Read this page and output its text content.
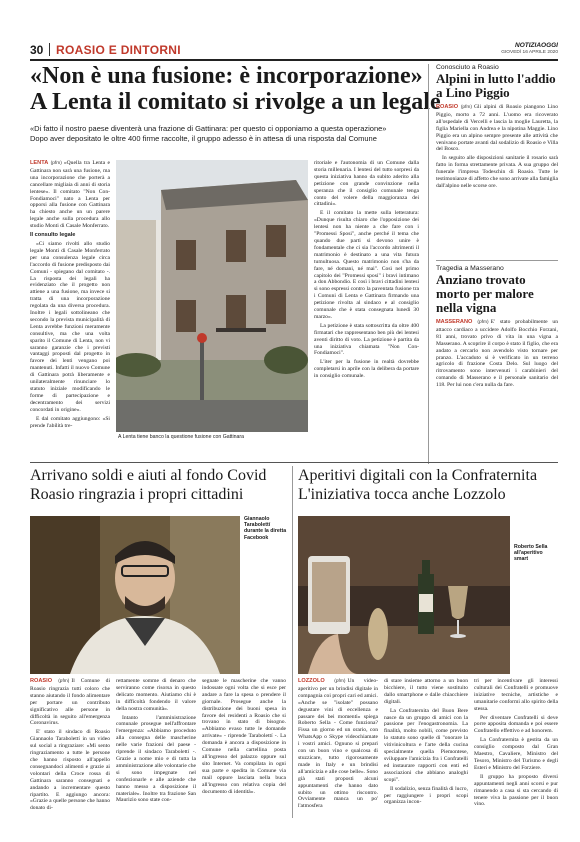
30 ROASIO E DINTORNI	NOTIZIAOGGI
GIOVEDÌ 16 APRILE 2020
«Non è una fusione: è incorporazione»
A Lenta il comitato si rivolge a un legale
«Di fatto il nostro paese diventerà una frazione di Gattinara: per questo ci opponiamo a questa operazione»
Dopo aver depositato le oltre 400 firme raccolte, il gruppo adesso è in attesa di una risposta dal Comune

LENTA (pfm) «Quella tra Lenta e Gattinara non sarà una fusione, ma una incorporazione che porterà a cancellare migliaia di anni di storia lentese». Il comitato "Non Con-Fondiamoci" nato a Lenta per opporsi alla fusione con Gattinara ha chiesto anche un un parere legale anche sulla procedura allo studio Monti di Casale Monferrato.

Il consulto legale

«Ci siamo rivolti allo studio legale Monti di Casale Monferrato per una consulenza legale circa l'accordo di fusione predisposto dai Comuni - spiegano dal comitato -. La risposta dei legali ha evidenziato che il progetto non attiene a una fusione, ma invece si tratta di una incorporazione regolata da una diversa procedura. Inoltre i legali sottolineano che secondo la prevista municipalità di Lenta avrebbe funzioni meramente consultive, ma che una volta sparito il Comune di Lenta, non vi saranno garanzie che i previsti vantaggi proposti dal progetto in favore dei lenti vengano poi mantenuti. Infatti il nuovo Comune di Gattinara potrà liberamente e unilateralmente rinunciare lo statuto iniziale modificando le forme di partecipazione e decentramento dei servizi concordati in origine».

E dal comitato aggiungono: «Si prende l'abilità tre-

A Lenta tiene banco la questione fusione con Gattinara

ritoriale e l'autonomia di un Comune dalla storia millenaria. I lentesi del tutto sorpresi da questa iniziativa hanno da subito aderito alla petizione con grande convinzione nella speranza che il consiglio comunale tenga conto del volere della maggioranza dei cittadini».

E il comitato la mette sulla letteratura: «Dunque risulta chiaro che l'opposizione dei lentesi non ha niente a che fare con i "Promessi Sposi", anche perché il tema che quando due parti si devono unire è fondamentale che ci sia l'accordo altrimenti il matrimonio è destinato a una vita futura tumultuosa. Questo matrimonio non s'ha da fare, né domani, né mai". Così nel primo capitolo dei "Promessi sposi" i bravi intimano a don Abbondio. E così i bravi cittadini lentesi si sono espressi contro la paventata fusione tra i Comuni di Lenta e Gattinara firmando una petizione rivolta al sindaco e al consiglio comunale che è stata consegnata lunedì 30 marzo».

La petizione è stata sottoscritta da oltre 400 firmatari che rappresentano ben più dei lentesi aventi diritto di voto. La petizione è partita da una iniziativa chiamata "Non Con-Fondiamoci".

L'iter per la fusione in realtà dovrebbe completarsi in aprile con la delibera da portare in consiglio comunale.

Conosciuto a Roasio
Alpini in lutto l'addio a Lino Piggio

ROASIO (pfm) Gli alpini di Roasio piangono Lino Piggio, morto a 72 anni. L'uomo era ricoverato all'ospedale di Vercelli e lascia la moglie Lauretta, la figlia Mariella con Andrea e la nipotina Maggie. Lino Piggio era un alpino sempre presente alle attività che venivano portate avanti dal sodalizio di Roasio e Villa del Bosco.

In seguito alle disposizioni sanitarie il rosario sarà fatto in forma strettamente privata. A sua gruppo del funerale l'impresa Todeschin di Roasio. Tutte le testimonianze di affetto che sono arrivate alla famiglia dall'alpino nelle scorse ore.

Tragedia a Masserano
Anziano trovato morto per malore nella vigna

MASSERANO (pfm) E' stato probabilmente un attacco cardiaco a uccidere Adolfo Bocchio Forzani, 81 anni, trovato privo di vita in una vigna a Masserano. A scoprire il corpo è stato il figlio, che era andato a cercarlo non avendolo visto tornare per pranzo. L'accaduto si è verificato in un terreno agricolo di frazione Costa Delo. Sul luogo del ritrovamento sono intervenuti i carabinieri del comando di Masserano e il personale sanitario del 118. Per lui non c'era nulla da fare.

Arrivano soldi e aiuti al fondo Covid
Roasio ringrazia i propri cittadini
Giannaolo Tarabolettí durante la diretta Facebook

ROASIO (pfm) Il Comune di Roasio ringrazia tutti coloro che stanno aiutando il fondo alimentare per portare un contributo significativo alle persone in difficoltà in seguito all'emergenza Coronavirus.

E' stato il sindaco di Roasio Giannaolo Tarabolettí in un video sul social a ringraziare: «Mi sento ringraziamento a tutte le persone che hanno risposto all'appello consegnandoci alimenti e grazie ai volontari della Croce rossa di Gattinara saranno consegnati e andando a incrementare questo ripartito. E aggiungo ancora: «Grazie a quelle persone che hanno donato di-

rettamente somme di denaro che serviranno come risorsa in questo delicato momento. Aiutiamo chi è in difficoltà fondendo il valore della nostra comunità».

Intanto l'amministrazione comunale prosegue nell'affrontare l'emergenza: «Abbiamo proceduto alla consegna delle mascherine nelle varie frazioni del paese - riprende il sindaco Tarabolettí -. Grazie a nome mio e di tutta la amministrazione alle volontarie che si sono impegnate nel confezionarle e alle aziende che hanno messo a disposizione il materiale». Inoltre tra frazione San Maurizio sono state con-

segnate le mascherine che vanno indossate ogni volta che si esce per andare a fare la spesa o prendere il giornale. Prosegue anche la distribuzione dei buoni spesa in favore dei residenti a Roasio che si trovano in stato di bisogno. «Abbiamo evaso tutte le domande arrivate» - riprende Tarabolettí -. La domanda è ancora a disposizione in Comune nella cartellina posta all'ingresso del palazzo oppure sul sito Internet. Va compilata in ogni sua parte e spedita in Comune via mail oppure lasciata nella buca all'ingresso con relativa copia del documento di identità».

Aperitivi digitali con la Confraternita
L'iniziativa tocca anche Lozzolo
Roberto Sella all'aperitivo smart

LOZZOLO (pfm) Un video-aperitivo per un brindisi digitale in compagnia coi propri cari ed amici. «Anche se "isolate" possano degustare vini di eccellenza e passare dei bei momenti» spiega Roberto Sella - Come funziona? Fissa un giorno ed un orario, con WhatsApp o Skype videochiamate i vostri amici. Ognuno si prepari con un buon vino e qualcosa di stuzzicare, tutto rigorosamente made in Italy e un brindisi all'amicizia e alle cose belle». Sono già stati proposti alcuni appuntamenti che hanno dato subito un ottimo riscontro. Ovviamente manca un po' l'atmosfera

di stare insieme attorno a un buon bicchiere, il tutto viene sostituito dallo smartphone e dalle chiacchiere digitali.

La Confraternita del Buon Bere nasce da un gruppo di amici con la passione per l'enogastronomia. La finalità, molto nobili, come previsto lo statuto sono quelle di "onorare la vitivinicoltura e l'arte della cucina specialmente quella Piemontese, sviluppare l'amicizia fra i Confratelli ed instaurare rapporti con enti ed associazioni che abbiano analoghi scopi".

Il sodalizio, senza finalità di lucro, per raggiungere i propri scopi organizza incon-

tri per incentivare gli interessi culturali dei Confratelli e promuove iniziative tecniche, artistiche e umanitarie conformi allo spirito della stessa.

Per diventare Confratelli si deve porre apposita domanda e poi essere Confratello effettivo e ad honorem.

La Confraternita è gestita da un consiglio composto dal Gran Maestro, Cavaliere, Ministro del Tesoro, Ministro del Turismo e degli Esteri e Ministro del Forziere.

Il gruppo ha proposto diversi appuntamenti negli anni scorsi e pur rimanendo a casa si sta cercando di tenere viva la passione per il buon vino.
